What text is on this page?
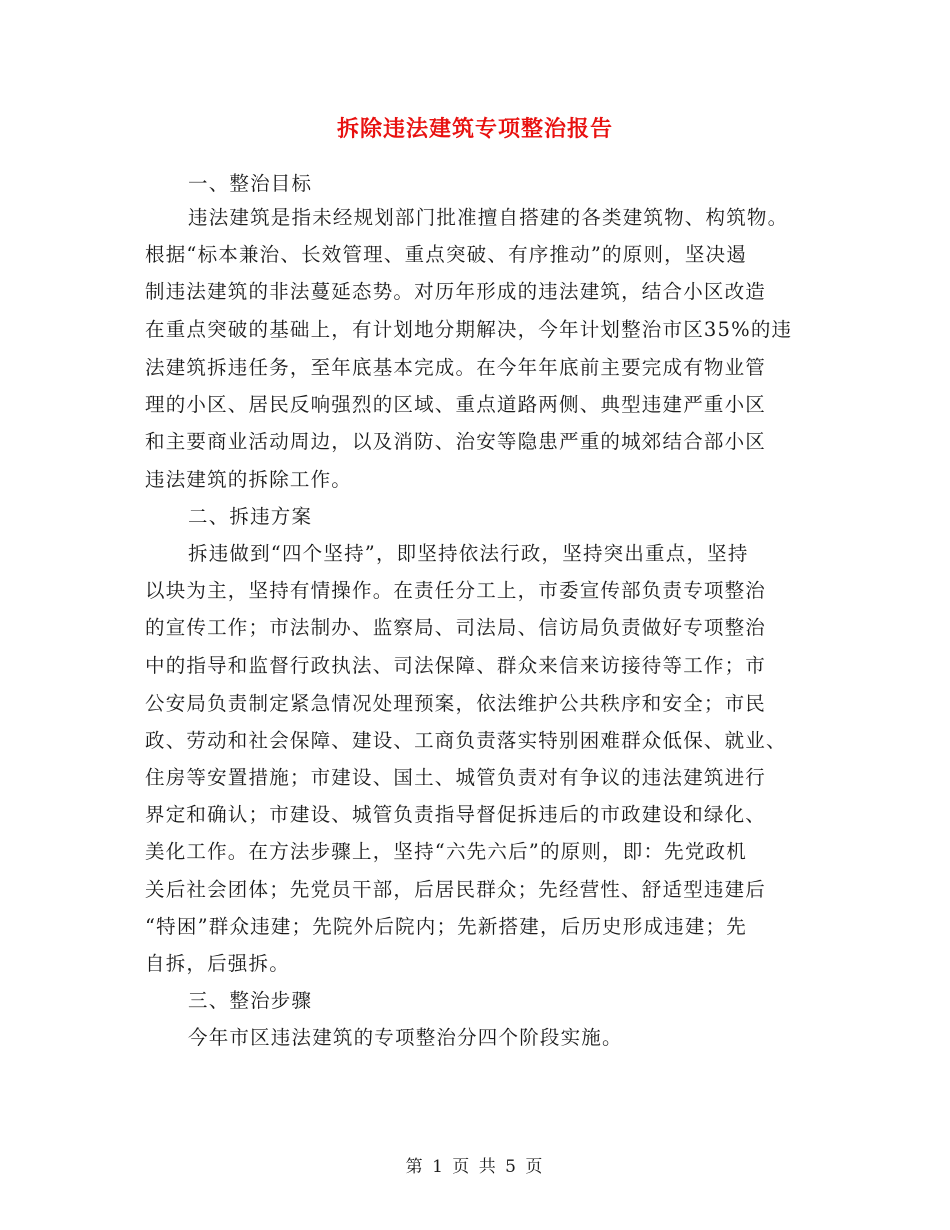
拆除违法建筑专项整治报告
一、整治目标
违法建筑是指未经规划部门批准擅自搭建的各类建筑物、构筑物。
根据“标本兼治、长效管理、重点突破、有序推动”的原则，坚决遏
制违法建筑的非法蔓延态势。对历年形成的违法建筑，结合小区改造
在重点突破的基础上，有计划地分期解决，今年计划整治市区35%的违
法建筑拆违任务，至年底基本完成。在今年年底前主要完成有物业管
理的小区、居民反响强烈的区域、重点道路两侧、典型违建严重小区
和主要商业活动周边，以及消防、治安等隐患严重的城郊结合部小区
违法建筑的拆除工作。
二、拆违方案
拆违做到“四个坚持”，即坚持依法行政，坚持突出重点，坚持
以块为主，坚持有情操作。在责任分工上，市委宣传部负责专项整治
的宣传工作；市法制办、监察局、司法局、信访局负责做好专项整治
中的指导和监督行政执法、司法保障、群众来信来访接待等工作；市
公安局负责制定紧急情况处理预案，依法维护公共秩序和安全；市民
政、劳动和社会保障、建设、工商负责落实特别困难群众低保、就业、
住房等安置措施；市建设、国土、城管负责对有争议的违法建筑进行
界定和确认；市建设、城管负责指导督促拆违后的市政建设和绿化、
美化工作。在方法步骤上，坚持“六先六后”的原则，即：先党政机
关后社会团体；先党员干部，后居民群众；先经营性、舒适型违建后
“特困”群众违建；先院外后院内；先新搭建，后历史形成违建；先
自拆，后强拆。
三、整治步骤
今年市区违法建筑的专项整治分四个阶段实施。
第 1 页 共 5 页
